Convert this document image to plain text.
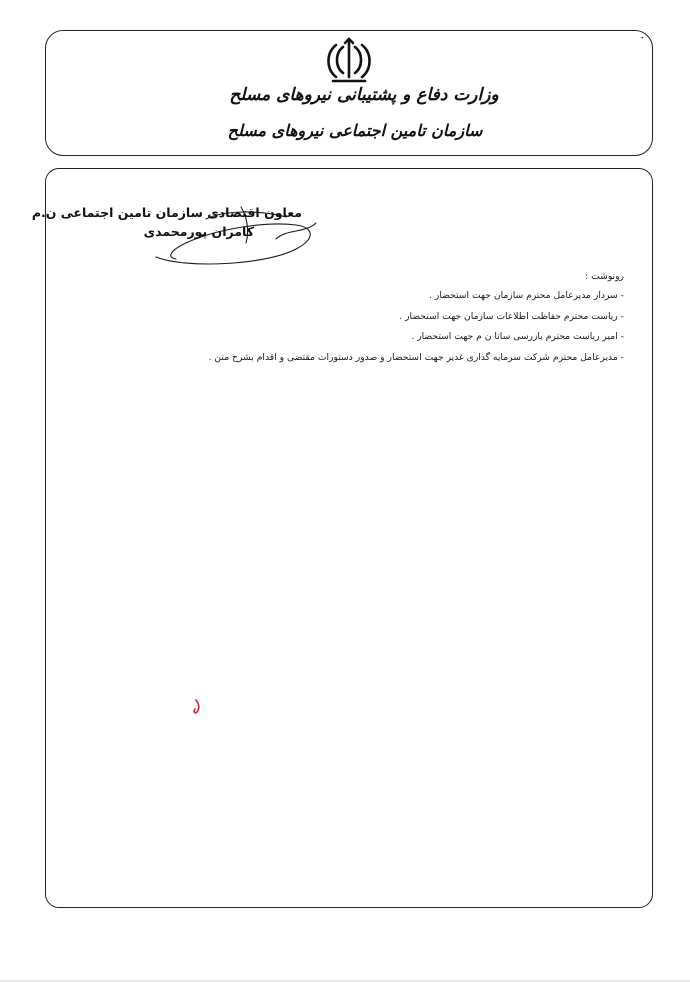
•
وزارت دفاع و پشتیبانی نیروهای مسلح
سازمان تامین اجتماعی نیروهای مسلح
معاون اقتصادی سازمان تامین اجتماعی ن.م
کامران پورمحمدی
رونوشت :
- سردار مدیرعامل محترم سازمان جهت استحضار .
- ریاست محترم حفاظت اطلاعات سازمان جهت استحضار .
- امیر ریاست محترم بازرسی ساتا ن م جهت استحضار .
- مدیرعامل محترم شرکت سرمایه گذاری غدیر جهت استحضار و صدور دستورات مقتضی و اقدام بشرح متن .
